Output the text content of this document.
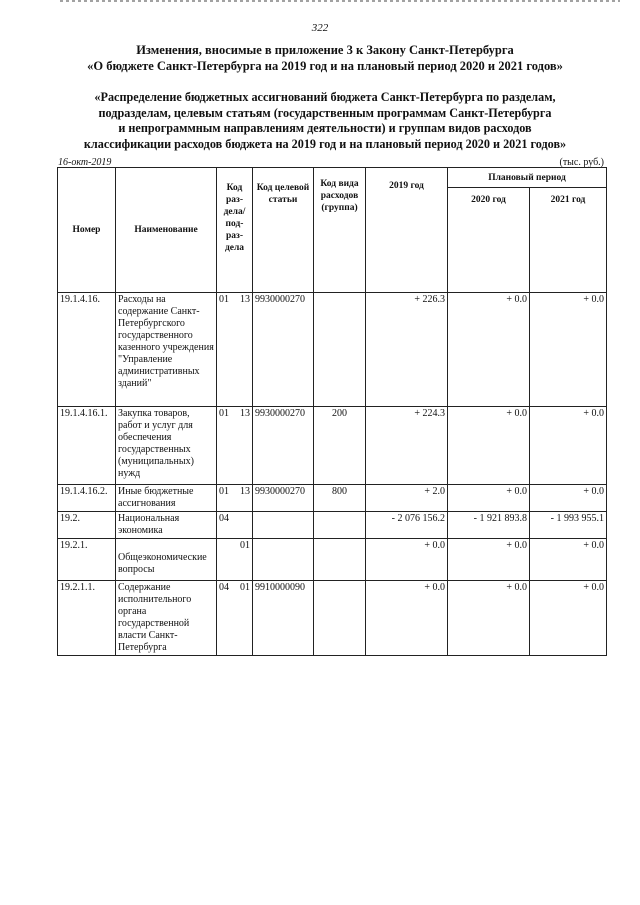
322
Изменения, вносимые в приложение 3 к Закону Санкт-Петербурга
«О бюджете Санкт-Петербурга на 2019 год и на плановый период 2020 и 2021 годов»
«Распределение бюджетных ассигнований бюджета Санкт-Петербурга по разделам,
подразделам, целевым статьям (государственным программам Санкт-Петербурга
и непрограммным направлениям деятельности) и группам видов расходов
классификации расходов бюджета на 2019 год и на плановый период 2020 и 2021 годов»
16-окт-2019	(тыс. руб.)
Номер	Наименование	Код раз-дела/ под-раз-дела	Код целевой статьи	Код вида расходов (группа)	2019 год	Плановый период	
						2020 год	2021 год
19.1.4.16.	Расходы на содержание Санкт-Петербургского государственного казенного учреждения "Управление административных зданий"	01 13	9930000270		+ 226.3	+ 0.0	+ 0.0
19.1.4.16.1.	Закупка товаров, работ и услуг для обеспечения государственных (муниципальных) нужд	01 13	9930000270	200	+ 224.3	+ 0.0	+ 0.0
19.1.4.16.2.	Иные бюджетные ассигнования	01 13	9930000270	800	+ 2.0	+ 0.0	+ 0.0
19.2.	Национальная экономика	04			- 2 076 156.2	- 1 921 893.8	- 1 993 955.1
19.2.1.	Общеэкономические вопросы	01			+ 0.0	+ 0.0	+ 0.0
19.2.1.1.	Содержание исполнительного органа государственной власти Санкт-Петербурга	04 01	9910000090		+ 0.0	+ 0.0	+ 0.0
